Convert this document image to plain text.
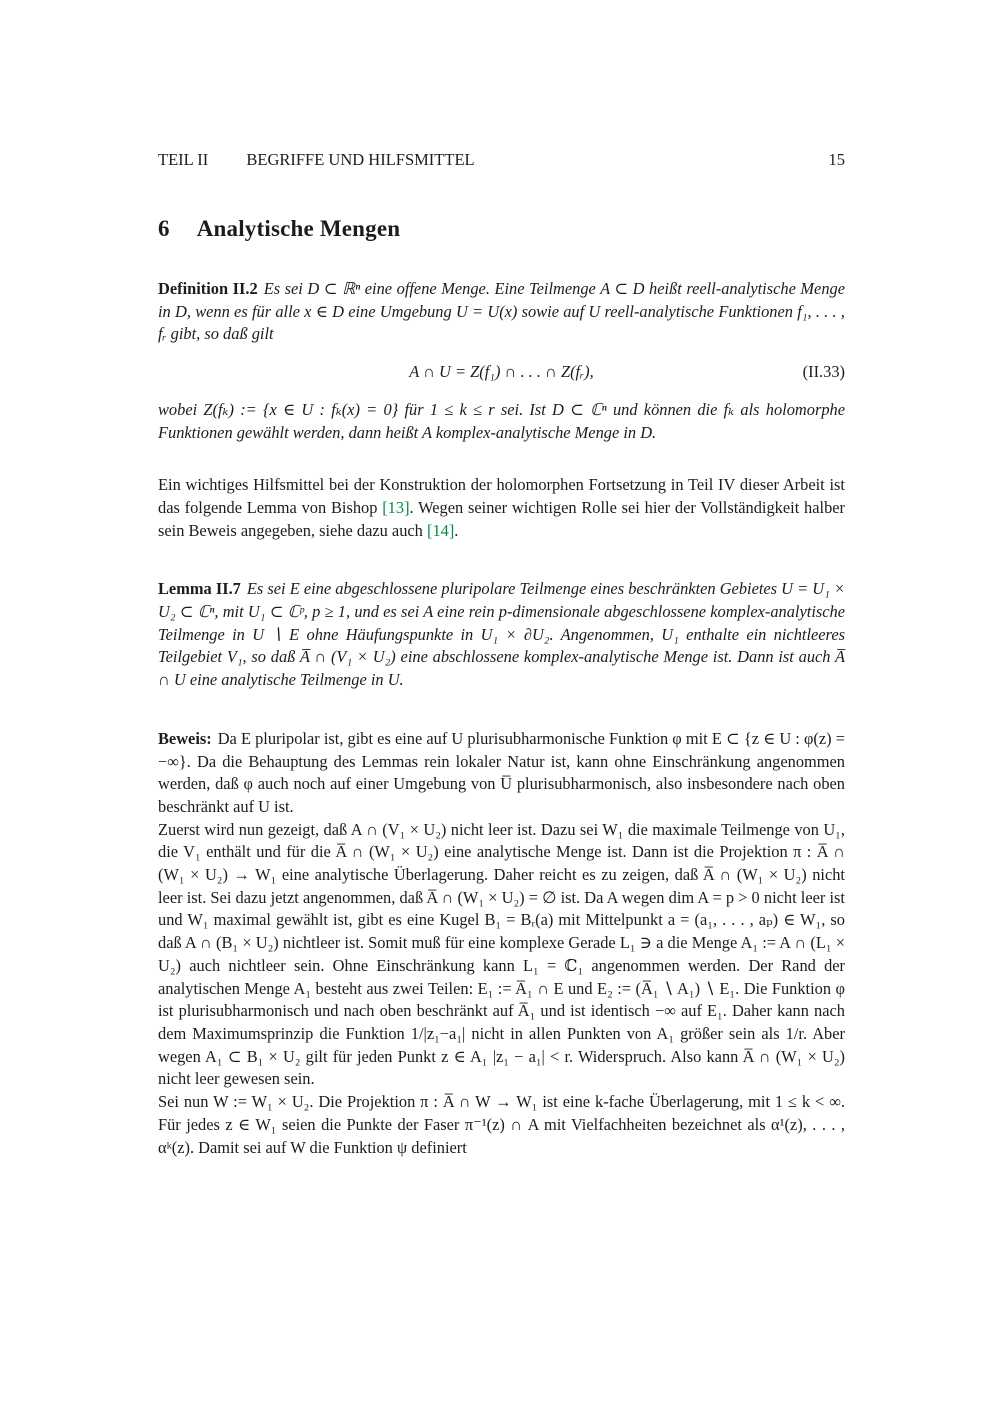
TEIL II BEGRIFFE UND HILFSMITTEL	15
6 Analytische Mengen

Definition II.2 Es sei D ⊂ ℝⁿ eine offene Menge. Eine Teilmenge A ⊂ D heißt reell-analytische Menge in D, wenn es für alle x ∈ D eine Umgebung U = U(x) sowie auf U reell-analytische Funktionen f₁, . . . , fᵣ gibt, so daß gilt

A ∩ U = Z(f₁) ∩ . . . ∩ Z(fᵣ),	(II.33)

wobei Z(fₖ) := {x ∈ U : fₖ(x) = 0} für 1 ≤ k ≤ r sei. Ist D ⊂ ℂⁿ und können die fₖ als holomorphe Funktionen gewählt werden, dann heißt A komplex-analytische Menge in D.

Ein wichtiges Hilfsmittel bei der Konstruktion der holomorphen Fortsetzung in Teil IV dieser Arbeit ist das folgende Lemma von Bishop [13]. Wegen seiner wichtigen Rolle sei hier der Vollständigkeit halber sein Beweis angegeben, siehe dazu auch [14].

Lemma II.7 Es sei E eine abgeschlossene pluripolare Teilmenge eines beschränkten Gebietes U = U₁ × U₂ ⊂ ℂⁿ, mit U₁ ⊂ ℂᵖ, p ≥ 1, und es sei A eine rein p-dimensionale abgeschlossene komplex-analytische Teilmenge in U ∖ E ohne Häufungspunkte in U₁ × ∂U₂. Angenommen, U₁ enthalte ein nichtleeres Teilgebiet V₁, so daß A̅ ∩ (V₁ × U₂) eine abschlossene komplex-analytische Menge ist. Dann ist auch A̅ ∩ U eine analytische Teilmenge in U.

Beweis: Da E pluripolar ist, gibt es eine auf U plurisubharmonische Funktion φ mit E ⊂ {z ∈ U : φ(z) = −∞}. Da die Behauptung des Lemmas rein lokaler Natur ist, kann ohne Einschränkung angenommen werden, daß φ auch noch auf einer Umgebung von U̅ plurisubharmonisch, also insbesondere nach oben beschränkt auf U ist.

Zuerst wird nun gezeigt, daß A ∩ (V₁ × U₂) nicht leer ist. Dazu sei W₁ die maximale Teilmenge von U₁, die V₁ enthält und für die A̅ ∩ (W₁ × U₂) eine analytische Menge ist. Dann ist die Projektion π : A̅ ∩ (W₁ × U₂) → W₁ eine analytische Überlagerung. Daher reicht es zu zeigen, daß A̅ ∩ (W₁ × U₂) nicht leer ist. Sei dazu jetzt angenommen, daß A̅ ∩ (W₁ × U₂) = ∅ ist. Da A wegen dim A = p > 0 nicht leer ist und W₁ maximal gewählt ist, gibt es eine Kugel B₁ = Bᵣ(a) mit Mittelpunkt a = (a₁, . . . , aₚ) ∈ W₁, so daß A ∩ (B₁ × U₂) nichtleer ist. Somit muß für eine komplexe Gerade L₁ ∋ a die Menge A₁ := A ∩ (L₁ × U₂) auch nichtleer sein. Ohne Einschränkung kann L₁ = ℂ₁ angenommen werden. Der Rand der analytischen Menge A₁ besteht aus zwei Teilen: E₁ := A̅₁ ∩ E und E₂ := (A̅₁ ∖ A₁) ∖ E₁. Die Funktion φ ist plurisubharmonisch und nach oben beschränkt auf A̅₁ und ist identisch −∞ auf E₁. Daher kann nach dem Maximumsprinzip die Funktion 1/|z₁−a₁| nicht in allen Punkten von A₁ größer sein als 1/r. Aber wegen A₁ ⊂ B₁ × U₂ gilt für jeden Punkt z ∈ A₁ |z₁ − a₁| < r. Widerspruch. Also kann A̅ ∩ (W₁ × U₂) nicht leer gewesen sein.

Sei nun W := W₁ × U₂. Die Projektion π : A̅ ∩ W → W₁ ist eine k-fache Überlagerung, mit 1 ≤ k < ∞. Für jedes z ∈ W₁ seien die Punkte der Faser π⁻¹(z) ∩ A mit Vielfachheiten bezeichnet als α¹(z), . . . , αᵏ(z). Damit sei auf W die Funktion ψ definiert
